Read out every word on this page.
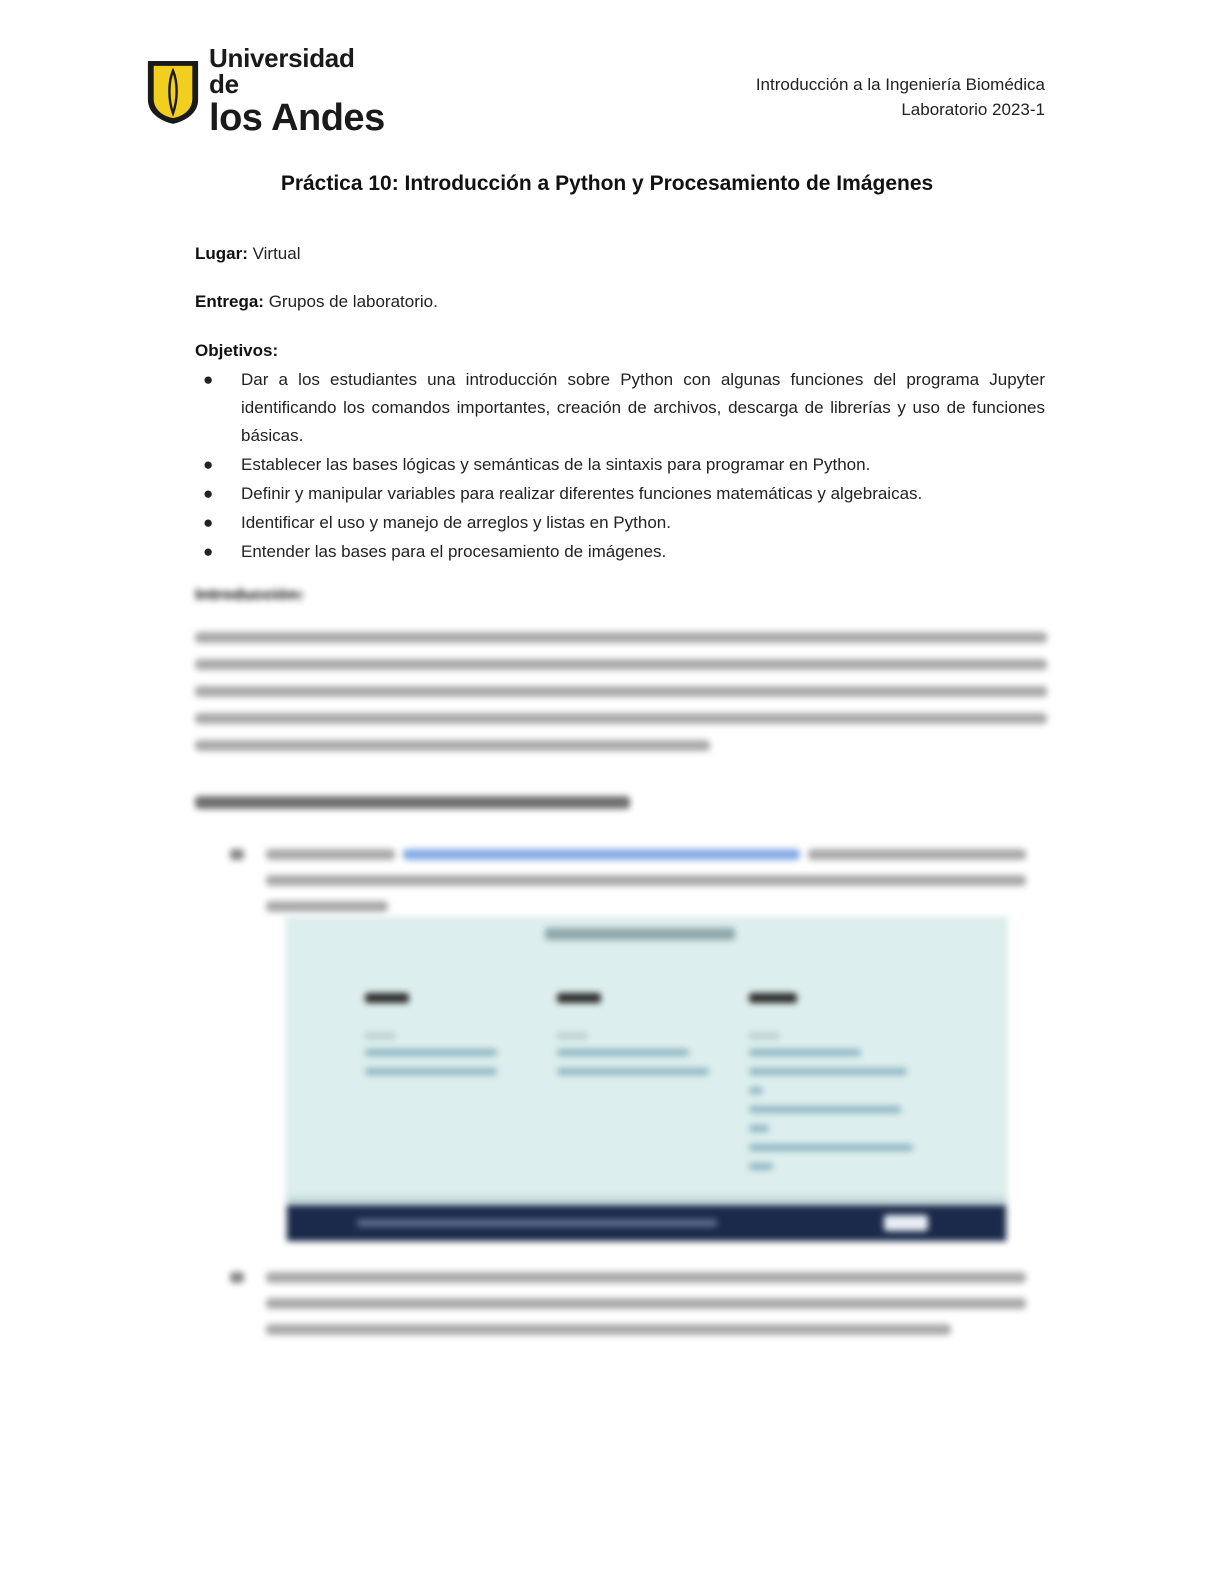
Universidad de
los Andes
Introducción a la Ingeniería Biomédica
Laboratorio 2023-1
Práctica 10: Introducción a Python y Procesamiento de Imágenes
Lugar: Virtual
Entrega: Grupos de laboratorio.
Objetivos:
● Dar a los estudiantes una introducción sobre Python con algunas funciones del programa Jupyter identificando los comandos importantes, creación de archivos, descarga de librerías y uso de funciones básicas.
● Establecer las bases lógicas y semánticas de la sintaxis para programar en Python.
● Definir y manipular variables para realizar diferentes funciones matemáticas y algebraicas.
● Identificar el uso y manejo de arreglos y listas en Python.
● Entender las bases para el procesamiento de imágenes.
Introducción:
